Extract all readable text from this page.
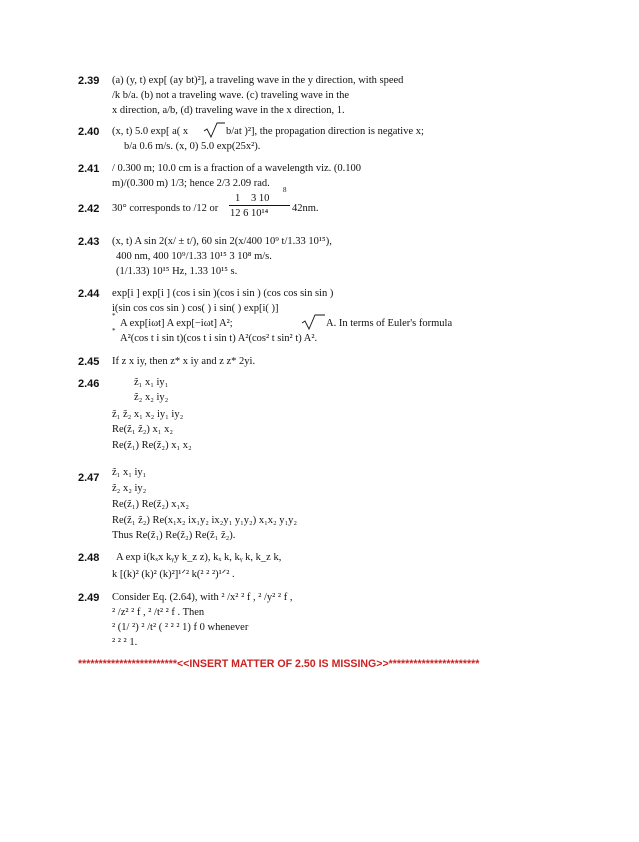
2.39 (a) (y, t) exp[ (ay bt)²], a traveling wave in the y direction, with speed
/k b/a. (b) not a traveling wave. (c) traveling wave in the
x direction, a/b, (d) traveling wave in the x direction, 1.
2.40 (x, t) 5.0 exp[ a( x	b/at )²], the propagation direction is negative x;
b/a 0.6 m/s. (x, 0) 5.0 exp(25x²).
2.41 / 0.300 m; 10.0 cm is a fraction of a wavelength viz. (0.100
m)/(0.300 m) 1/3; hence 2/3 2.09 rad.
2.42 30° corresponds to /12 or
8
1 3 10
12 6 10¹⁴ 42nm.
2.43 (x, t) A sin 2(x/ ± t/), 60 sin 2(x/400 10⁹ t/1.33 10¹⁵),
400 nm, 400 10⁹/1.33 10¹⁵ 3 10⁸ m/s.
(1/1.33) 10¹⁵ Hz, 1.33 10¹⁵ s.
2.44 exp[i ] exp[i ] (cos i sin )(cos i sin ) (cos cos sin sin )
i(sin cos cos sin ) cos( ) i sin( ) exp[i( )]
*
A exp[iωt] A exp[−iωt] A²;	A. In terms of Euler's formula
*
A²(cos t i sin t)(cos t i sin t) A²(cos² t sin² t) A².
2.45 If z x iy, then z* x iy and z z* 2yi.
2.46	z̃₁ x₁ iy₁
z̃₂ x₂ iy₂
z̃₁ z̃₂ x₁ x₂ iy₁ iy₂
Re(z̃₁ z̃₂) x₁ x₂
Re(z̃₁) Re(z̃₂) x₁ x₂
2.47 z̃₁ x₁ iy₁
z̃₂ x₂ iy₂
Re(z̃₁) Re(z̃₂) x₁x₂
Re(z̃₁ z̃₂) Re(x₁x₂ ix₁y₂ ix₂y₁ y₁y₂) x₁x₂ y₁y₂
Thus Re(z̃₁) Re(z̃₂) Re(z̃₁ z̃₂).
2.48 A exp i(kₓx kᵧy k_z z), kₓ k, kᵧ k, k_z k,
k [(k)² (k)² (k)²]¹ᐟ² k(² ² ²)¹ᐟ² .
2.49 Consider Eq. (2.64), with ² /x² ² f , ² /y² ² f ,
² /z² ² f , ² /t² ² f . Then
² (1/ ²) ² /t² ( ² ² ² 1) f 0 whenever
² ² ² 1.
************************<<INSERT MATTER OF 2.50 IS MISSING>>**********************
